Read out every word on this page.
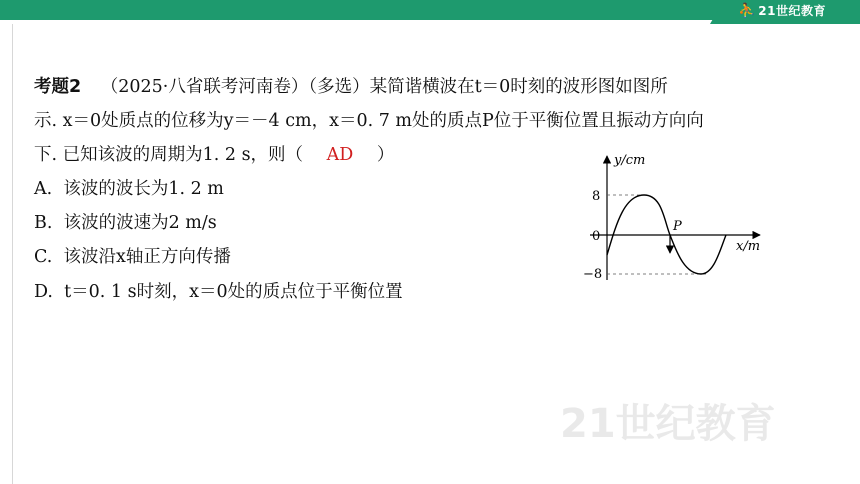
⛹ 21世纪教育
考题2 （2025·八省联考河南卷）（多选）某简谐横波在t＝0时刻的波形图如图所
示. x＝0处质点的位移为y＝－4 cm，x＝0. 7 m处的质点P位于平衡位置且振动方向向
下. 已知该波的周期为1. 2 s，则（ AD ）
A. 该波的波长为1. 2 m
B. 该波的波速为2 m/s
C. 该波沿x轴正方向传播
D. t＝0. 1 s时刻，x＝0处的质点位于平衡位置
y/cm
x/m
8
0
−8
P
21世纪教育
